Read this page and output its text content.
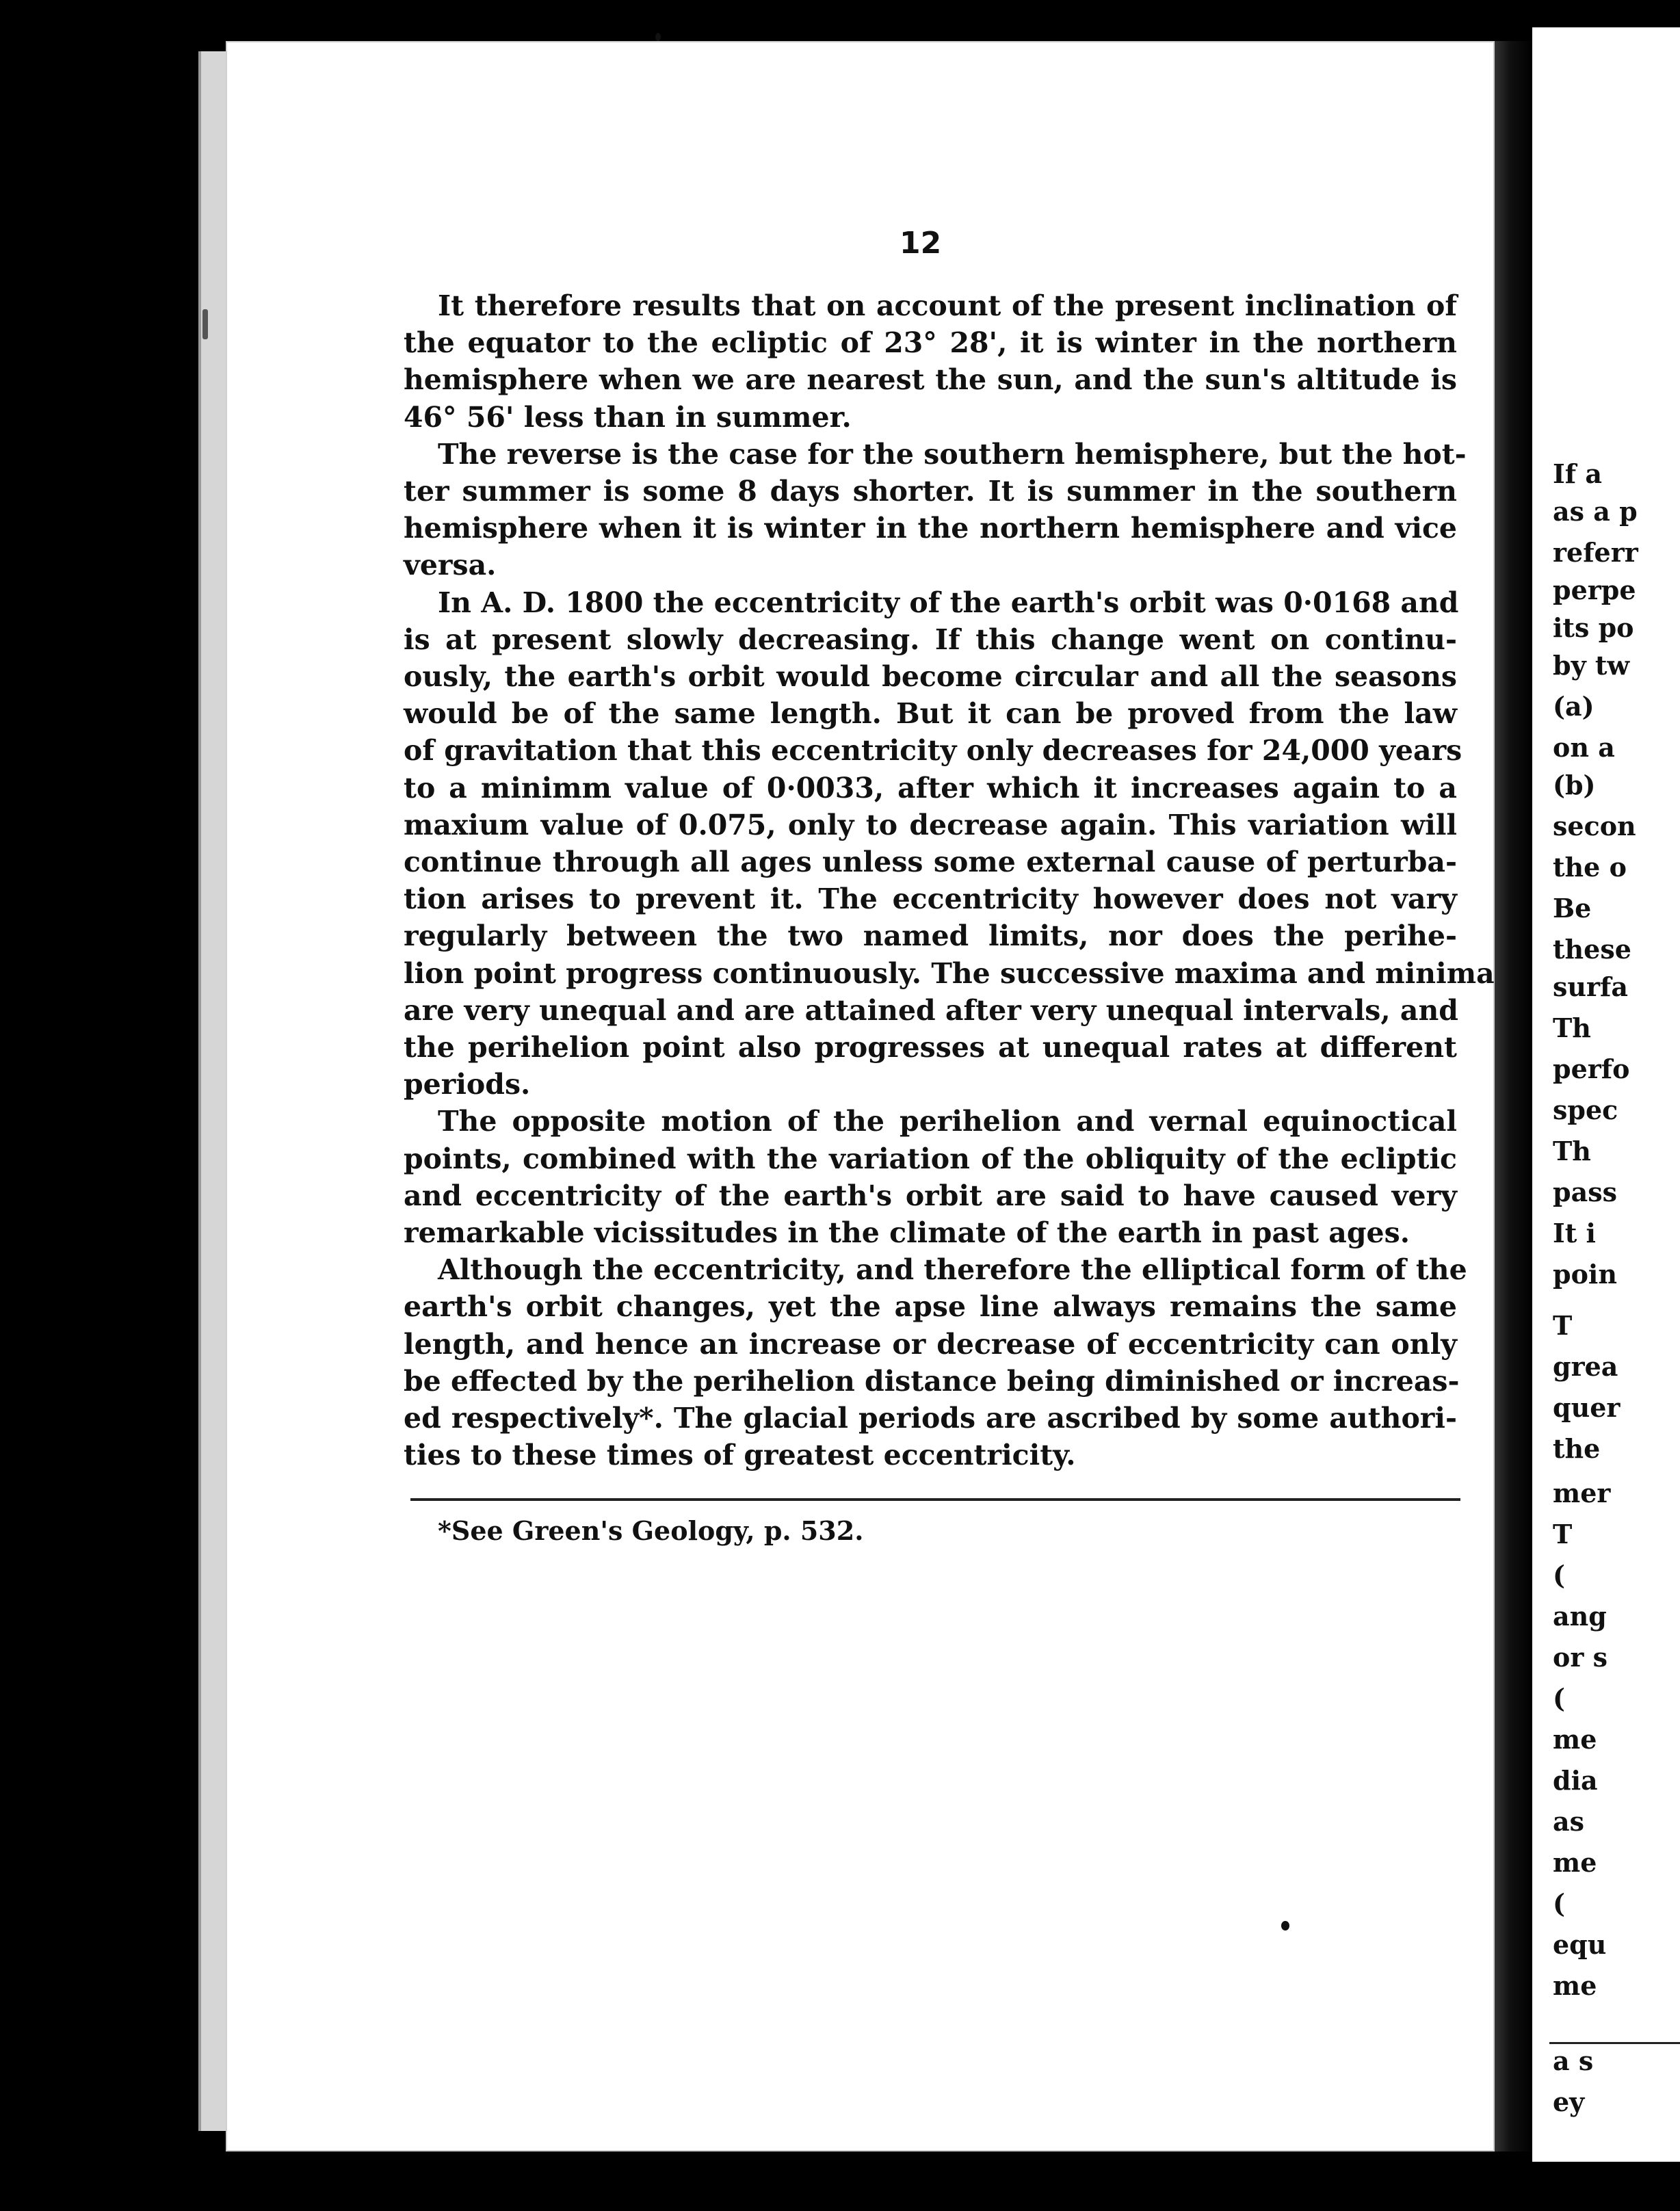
12
It therefore results that on account of the present inclination of
the equator to the ecliptic of 23° 28', it is winter in the northern
hemisphere when we are nearest the sun, and the sun's altitude is
46° 56' less than in summer.
The reverse is the case for the southern hemisphere, but the hot-
ter summer is some 8 days shorter. It is summer in the southern
hemisphere when it is winter in the northern hemisphere and vice
versa.
In A. D. 1800 the eccentricity of the earth's orbit was 0·0168 and
is at present slowly decreasing. If this change went on continu-
ously, the earth's orbit would become circular and all the seasons
would be of the same length. But it can be proved from the law
of gravitation that this eccentricity only decreases for 24,000 years
to a minimm value of 0·0033, after which it increases again to a
maxium value of 0.075, only to decrease again. This variation will
continue through all ages unless some external cause of perturba-
tion arises to prevent it. The eccentricity however does not vary
regularly between the two named limits, nor does the perihe-
lion point progress continuously. The successive maxima and minima
are very unequal and are attained after very unequal intervals, and
the perihelion point also progresses at unequal rates at different
periods.
The opposite motion of the perihelion and vernal equinoctical
points, combined with the variation of the obliquity of the ecliptic
and eccentricity of the earth's orbit are said to have caused very
remarkable vicissitudes in the climate of the earth in past ages.
Although the eccentricity, and therefore the elliptical form of the
earth's orbit changes, yet the apse line always remains the same
length, and hence an increase or decrease of eccentricity can only
be effected by the perihelion distance being diminished or increas-
ed respectively*. The glacial periods are ascribed by some authori-
ties to these times of greatest eccentricity.
*See Green's Geology, p. 532.
If a
as a p
referr
perpe
its po
by tw
(a)
on a
(b)
secon
the o
Be
these
surfa
Th
perfo
spec
Th
pass
It i
poin
T
grea
quer
the
mer
T
(
ang
or s
(
me
dia
as
me
(
equ
me
a s
ey
